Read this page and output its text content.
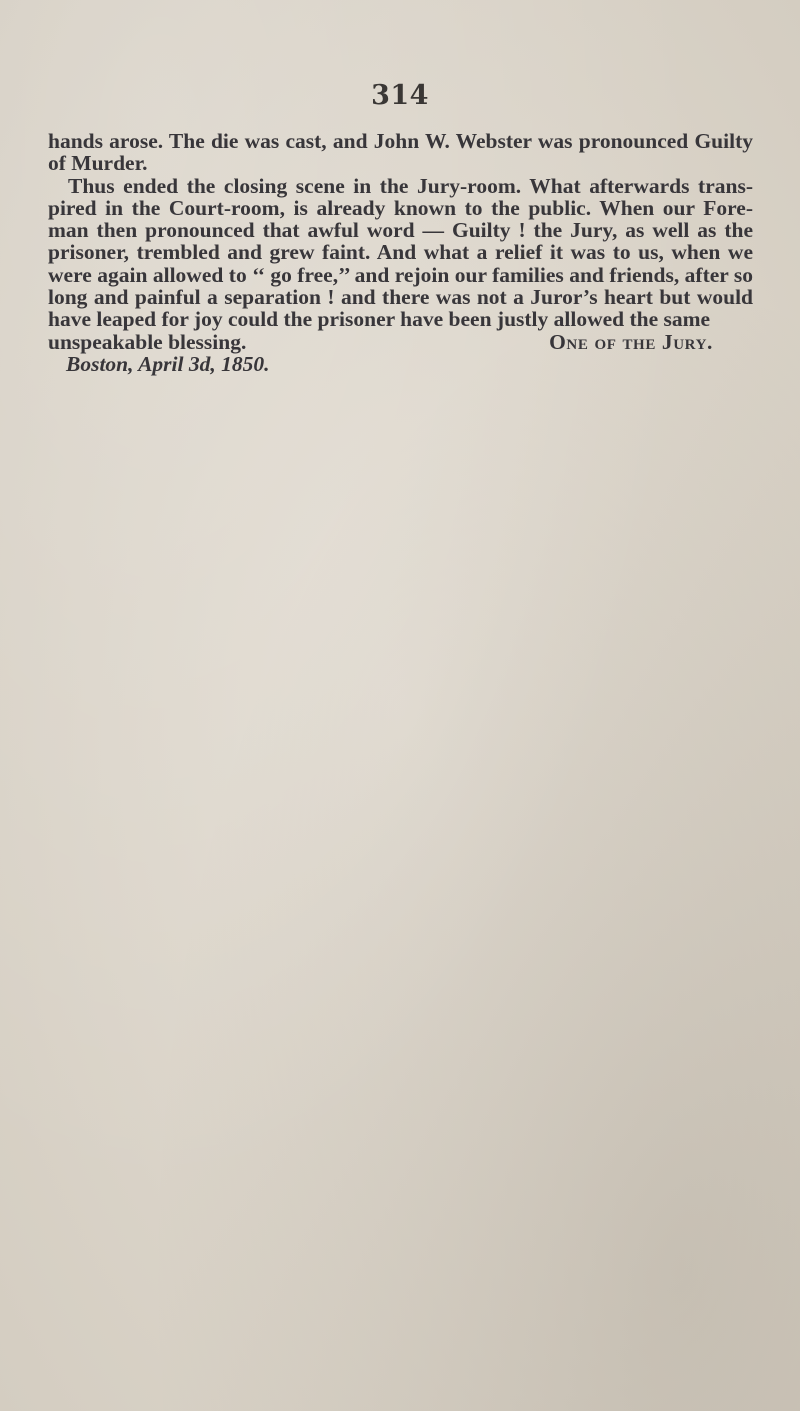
314

hands arose. The die was cast, and John W. Webster was pronounced Guilty of Murder.

Thus ended the closing scene in the Jury-room. What afterwards trans- pired in the Court-room, is already known to the public. When our Fore- man then pronounced that awful word — Guilty ! the Jury, as well as the prisoner, trembled and grew faint. And what a relief it was to us, when we were again allowed to ‘‘ go free,’’ and rejoin our families and friends, after so long and painful a separation ! and there was not a Juror’s heart but would have leaped for joy could the prisoner have been justly allowed the same

unspeakable blessing.	One of the Jury.

Boston, April 3d, 1850.
